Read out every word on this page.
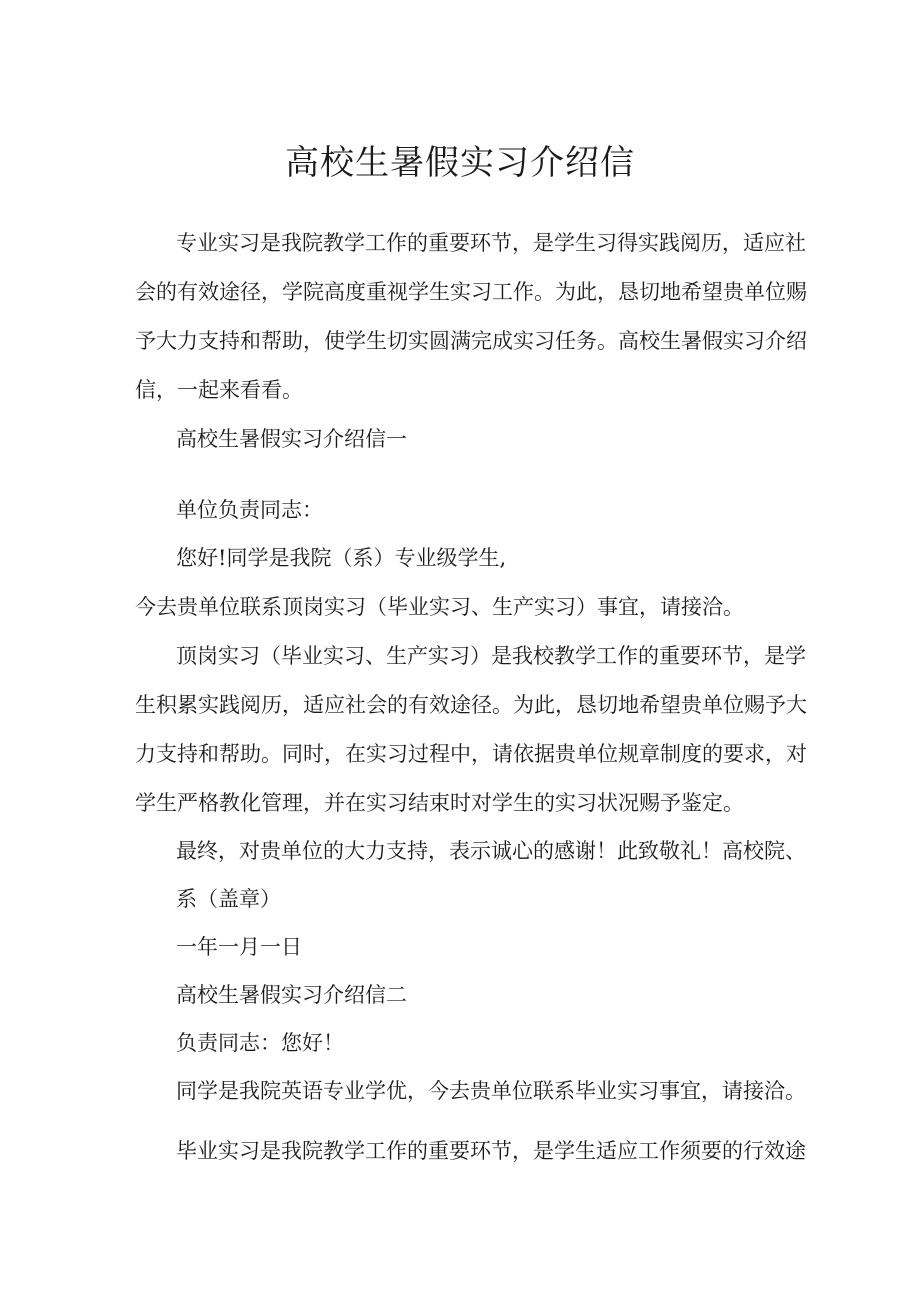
高校生暑假实习介绍信
专业实习是我院教学工作的重要环节，是学生习得实践阅历，适应社
会的有效途径，学院高度重视学生实习工作。为此，恳切地希望贵单位赐
予大力支持和帮助，使学生切实圆满完成实习任务。高校生暑假实习介绍
信，一起来看看。
高校生暑假实习介绍信一
单位负责同志：
您好!同学是我院（系）专业级学生,
今去贵单位联系顶岗实习（毕业实习、生产实习）事宜，请接洽。
顶岗实习（毕业实习、生产实习）是我校教学工作的重要环节，是学
生积累实践阅历，适应社会的有效途径。为此，恳切地希望贵单位赐予大
力支持和帮助。同时，在实习过程中，请依据贵单位规章制度的要求，对
学生严格教化管理，并在实习结束时对学生的实习状况赐予鉴定。
最终，对贵单位的大力支持，表示诚心的感谢！此致敬礼！高校院、
系（盖章）
一年一月一日
高校生暑假实习介绍信二
负责同志：您好！
同学是我院英语专业学优，今去贵单位联系毕业实习事宜，请接洽。
毕业实习是我院教学工作的重要环节，是学生适应工作须要的行效途
